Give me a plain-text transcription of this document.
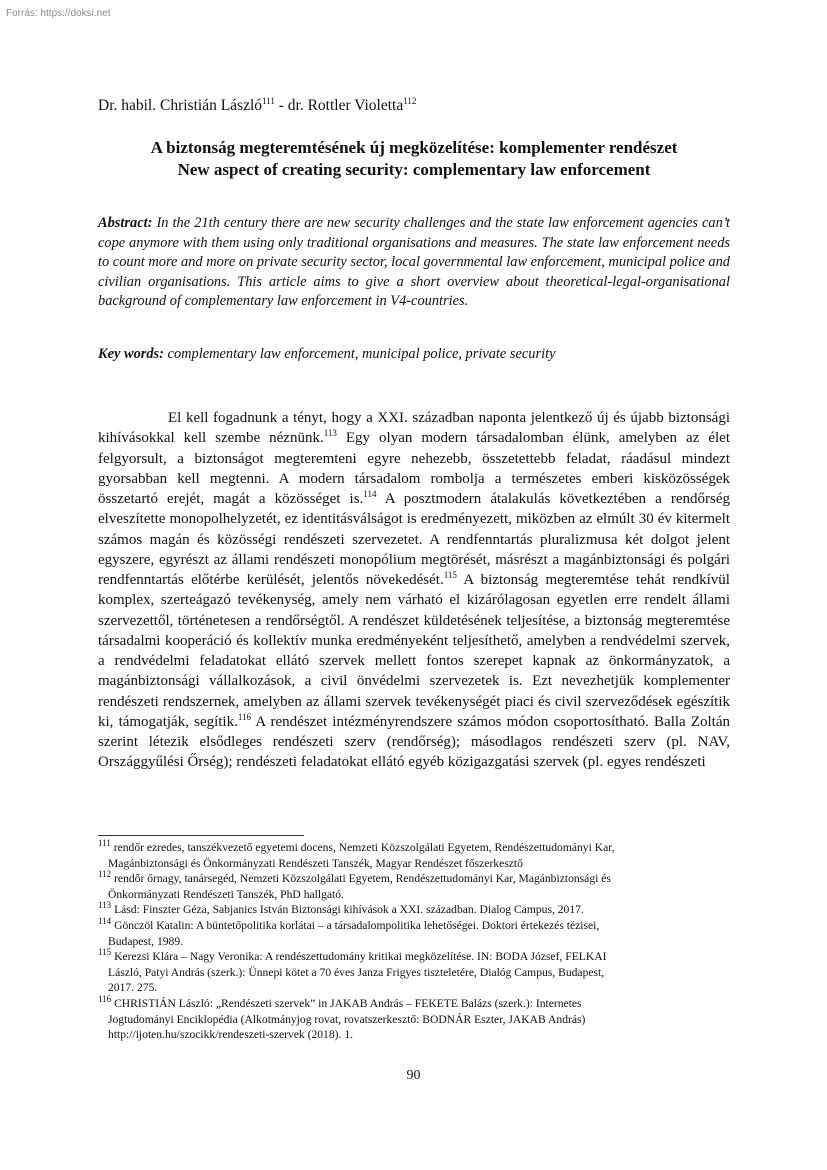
Forrás: https://doksi.net
Dr. habil. Christián László$^{111}$ - dr. Rottler Violetta$^{112}$
A biztonság megteremtésének új megközelítése: komplementer rendészet
New aspect of creating security: complementary law enforcement
Abstract: In the 21th century there are new security challenges and the state law enforcement agencies can’t cope anymore with them using only traditional organisations and measures. The state law enforcement needs to count more and more on private security sector, local governmental law enforcement, municipal police and civilian organisations. This article aims to give a short overview about theoretical-legal-organisational background of complementary law enforcement in V4-countries.
Key words: complementary law enforcement, municipal police, private security

El kell fogadnunk a tényt, hogy a XXI. században naponta jelentkező új és újabb biztonsági kihívásokkal kell szembe néznünk.$^{113}$ Egy olyan modern társadalomban élünk, amelyben az élet felgyorsult, a biztonságot megteremteni egyre nehezebb, összetettebb feladat, ráadásul mindezt gyorsabban kell megtenni. A modern társadalom rombolja a természetes emberi kisközösségek összetartó erejét, magát a közösséget is.$^{114}$ A posztmodern átalakulás következtében a rendőrség elveszítette monopolhelyzetét, ez identitásválságot is eredményezett, miközben az elmúlt 30 év kitermelt számos magán és közösségi rendészeti szervezetet. A rendfenntartás pluralizmusa két dolgot jelent egyszere, egyrészt az állami rendészeti monopólium megtörését, másrészt a magánbiztonsági és polgári rendfenntartás előtérbe kerülését, jelentős növekedését.$^{115}$ A biztonság megteremtése tehát rendkívül komplex, szerteágazó tevékenység, amely nem várható el kizárólagosan egyetlen erre rendelt állami szervezettől, történetesen a rendőrségtől. A rendészet küldetésének teljesítése, a biztonság megteremtése társadalmi kooperáció és kollektív munka eredményeként teljesíthető, amelyben a rendvédelmi szervek, a rendvédelmi feladatokat ellátó szervek mellett fontos szerepet kapnak az önkormányzatok, a magánbiztonsági vállalkozások, a civil önvédelmi szervezetek is. Ezt nevezhetjük komplementer rendészeti rendszernek, amelyben az állami szervek tevékenységét piaci és civil szerveződések egészítik ki, támogatják, segítik.$^{116}$ A rendészet intézményrendszere számos módon csoportosítható. Balla Zoltán szerint létezik elsődleges rendészeti szerv (rendőrség); másodlagos rendészeti szerv (pl. NAV, Országgyűlési Őrség); rendészeti feladatokat ellátó egyéb közigazgatási szervek (pl. egyes rendészeti

$^{111}$ rendőr ezredes, tanszékvezető egyetemi docens, Nemzeti Közszolgálati Egyetem, Rendészettudományi Kar,
Magánbiztonsági és Önkormányzati Rendészeti Tanszék, Magyar Rendészet főszerkesztő
$^{112}$ rendőr őrnagy, tanársegéd, Nemzeti Közszolgálati Egyetem, Rendészettudományi Kar, Magánbiztonsági és
Önkormányzati Rendészeti Tanszék, PhD hallgató.
$^{113}$ Lásd: Finszter Géza, Sabjanics István Biztonsági kihívások a XXI. században. Dialog Campus, 2017.
$^{114}$ Gönczöl Katalin: A büntetőpolitika korlátai – a társadalompolitika lehetőségei. Doktori értekezés tézisei,
Budapest, 1989.
$^{115}$ Kerezsi Klára – Nagy Veronika: A rendészettudomány kritikai megközelítése. IN: BODA József, FELKAI
László, Patyi András (szerk.): Ünnepi kötet a 70 éves Janza Frigyes tiszteletére, Dialóg Campus, Budapest,
2017. 275.
$^{116}$ CHRISTIÁN László: „Rendészeti szervek” in JAKAB András – FEKETE Balázs (szerk.): Internetes
Jogtudományi Enciklopédia (Alkotmányjog rovat, rovatszerkesztő: BODNÁR Eszter, JAKAB András)
http://ijoten.hu/szocikk/rendeszeti-szervek (2018). 1.
90
